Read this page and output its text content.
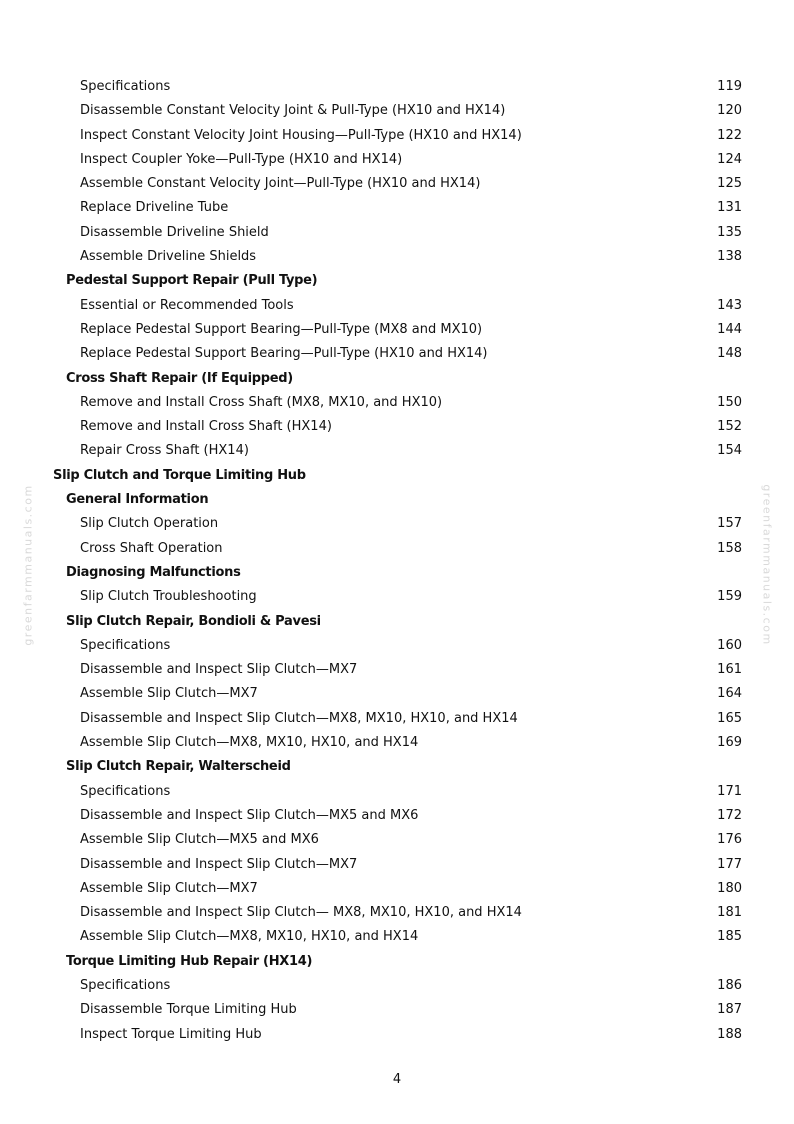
greenfarmmanuals.com	greenfarmmanuals.com
Specifications	119
Disassemble Constant Velocity Joint & Pull-Type (HX10 and HX14)	120
Inspect Constant Velocity Joint Housing—Pull-Type (HX10 and HX14)	122
Inspect Coupler Yoke—Pull-Type (HX10 and HX14)	124
Assemble Constant Velocity Joint—Pull-Type (HX10 and HX14)	125
Replace Driveline Tube	131
Disassemble Driveline Shield	135
Assemble Driveline Shields	138
Pedestal Support Repair (Pull Type)
Essential or Recommended Tools	143
Replace Pedestal Support Bearing—Pull-Type (MX8 and MX10)	144
Replace Pedestal Support Bearing—Pull-Type (HX10 and HX14)	148
Cross Shaft Repair (If Equipped)
Remove and Install Cross Shaft (MX8, MX10, and HX10)	150
Remove and Install Cross Shaft (HX14)	152
Repair Cross Shaft (HX14)	154
Slip Clutch and Torque Limiting Hub
General Information
Slip Clutch Operation	157
Cross Shaft Operation	158
Diagnosing Malfunctions
Slip Clutch Troubleshooting	159
Slip Clutch Repair, Bondioli & Pavesi
Specifications	160
Disassemble and Inspect Slip Clutch—MX7	161
Assemble Slip Clutch—MX7	164
Disassemble and Inspect Slip Clutch—MX8, MX10, HX10, and HX14	165
Assemble Slip Clutch—MX8, MX10, HX10, and HX14	169
Slip Clutch Repair, Walterscheid
Specifications	171
Disassemble and Inspect Slip Clutch—MX5 and MX6	172
Assemble Slip Clutch—MX5 and MX6	176
Disassemble and Inspect Slip Clutch—MX7	177
Assemble Slip Clutch—MX7	180
Disassemble and Inspect Slip Clutch— MX8, MX10, HX10, and HX14	181
Assemble Slip Clutch—MX8, MX10, HX10, and HX14	185
Torque Limiting Hub Repair (HX14)
Specifications	186
Disassemble Torque Limiting Hub	187
Inspect Torque Limiting Hub	188
4
